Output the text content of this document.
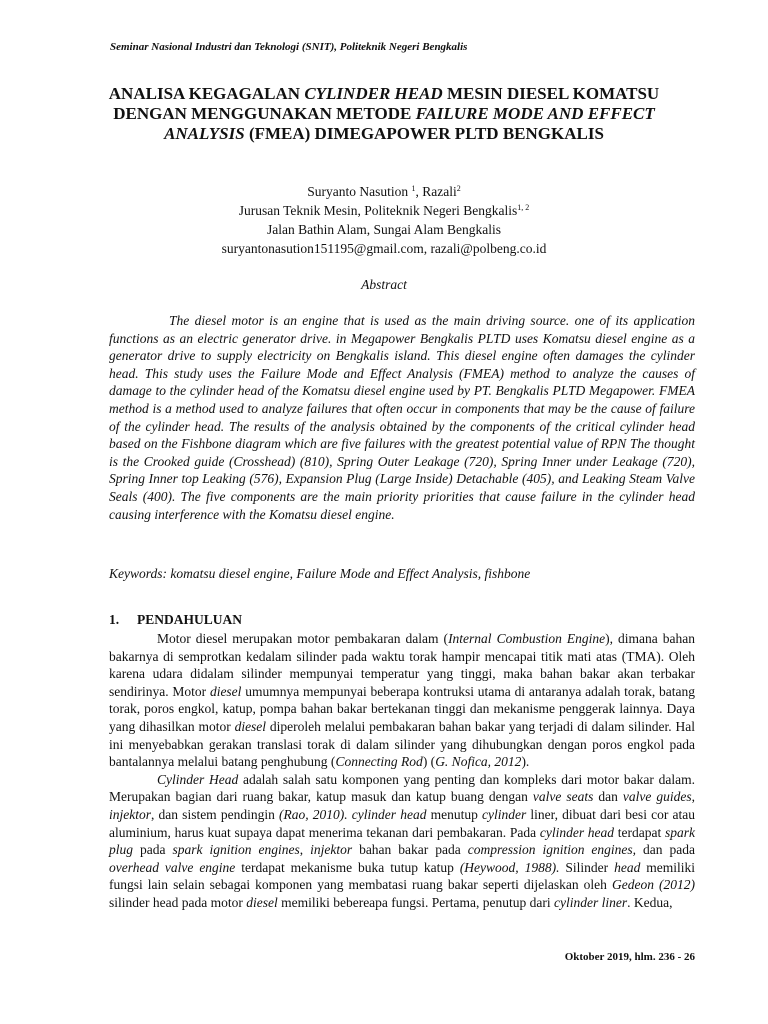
Seminar Nasional Industri dan Teknologi (SNIT), Politeknik Negeri Bengkalis
ANALISA KEGAGALAN CYLINDER HEAD MESIN DIESEL KOMATSU DENGAN MENGGUNAKAN METODE FAILURE MODE AND EFFECT ANALYSIS (FMEA) DIMEGAPOWER PLTD BENGKALIS
Suryanto Nasution $^1$, Razali$^2$
Jurusan Teknik Mesin, Politeknik Negeri Bengkalis$^{1, 2}$
Jalan Bathin Alam, Sungai Alam Bengkalis
suryantonasution151195@gmail.com, razali@polbeng.co.id
Abstract

The diesel motor is an engine that is used as the main driving source. one of its application functions as an electric generator drive. in Megapower Bengkalis PLTD uses Komatsu diesel engine as a generator drive to supply electricity on Bengkalis island. This diesel engine often damages the cylinder head. This study uses the Failure Mode and Effect Analysis (FMEA) method to analyze the causes of damage to the cylinder head of the Komatsu diesel engine used by PT. Bengkalis PLTD Megapower. FMEA method is a method used to analyze failures that often occur in components that may be the cause of failure of the cylinder head. The results of the analysis obtained by the components of the critical cylinder head based on the Fishbone diagram which are five failures with the greatest potential value of RPN The thought is the Crooked guide (Crosshead) (810), Spring Outer Leakage (720), Spring Inner under Leakage (720), Spring Inner top Leaking (576), Expansion Plug (Large Inside) Detachable (405), and Leaking Steam Valve Seals (400). The five components are the main priority priorities that cause failure in the cylinder head causing interference with the Komatsu diesel engine.

Keywords: komatsu diesel engine, Failure Mode and Effect Analysis, fishbone

1. PENDAHULUAN

Motor diesel merupakan motor pembakaran dalam (Internal Combustion Engine), dimana bahan bakarnya di semprotkan kedalam silinder pada waktu torak hampir mencapai titik mati atas (TMA). Oleh karena udara didalam silinder mempunyai temperatur yang tinggi, maka bahan bakar akan terbakar sendirinya. Motor diesel umumnya mempunyai beberapa kontruksi utama di antaranya adalah torak, batang torak, poros engkol, katup, pompa bahan bakar bertekanan tinggi dan mekanisme penggerak lainnya. Daya yang dihasilkan motor diesel diperoleh melalui pembakaran bahan bakar yang terjadi di dalam silinder. Hal ini menyebabkan gerakan translasi torak di dalam silinder yang dihubungkan dengan poros engkol pada bantalannya melalui batang penghubung (Connecting Rod) (G. Nofica, 2012).

Cylinder Head adalah salah satu komponen yang penting dan kompleks dari motor bakar dalam. Merupakan bagian dari ruang bakar, katup masuk dan katup buang dengan valve seats dan valve guides, injektor, dan sistem pendingin (Rao, 2010). cylinder head menutup cylinder liner, dibuat dari besi cor atau aluminium, harus kuat supaya dapat menerima tekanan dari pembakaran. Pada cylinder head terdapat spark plug pada spark ignition engines, injektor bahan bakar pada compression ignition engines, dan pada overhead valve engine terdapat mekanisme buka tutup katup (Heywood, 1988). Silinder head memiliki fungsi lain selain sebagai komponen yang membatasi ruang bakar seperti dijelaskan oleh Gedeon (2012) silinder head pada motor diesel memiliki bebereapa fungsi. Pertama, penutup dari cylinder liner. Kedua,

Oktober 2019, hlm. 236 - 26
